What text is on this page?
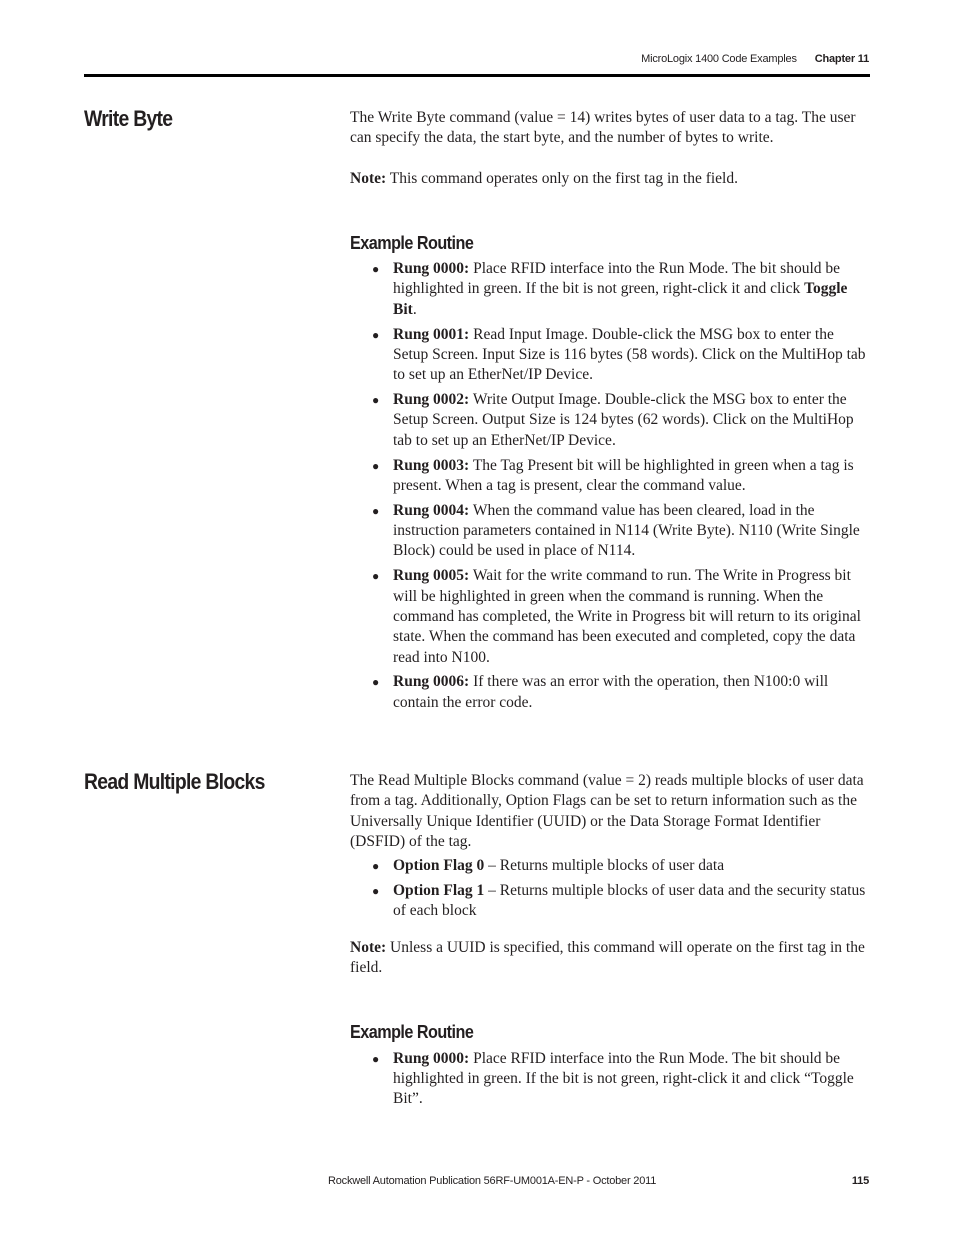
MicroLogix 1400 Code Examples Chapter 11
Write Byte	The Write Byte command (value = 14) writes bytes of user data to a tag. The user can specify the data, the start byte, and the number of bytes to write.

Note: This command operates only on the first tag in the field.

Example Routine
● Rung 0000: Place RFID interface into the Run Mode. The bit should be highlighted in green. If the bit is not green, right-click it and click Toggle Bit.
● Rung 0001: Read Input Image. Double-click the MSG box to enter the Setup Screen. Input Size is 116 bytes (58 words). Click on the MultiHop tab to set up an EtherNet/IP Device.
● Rung 0002: Write Output Image. Double-click the MSG box to enter the Setup Screen. Output Size is 124 bytes (62 words). Click on the MultiHop tab to set up an EtherNet/IP Device.
● Rung 0003: The Tag Present bit will be highlighted in green when a tag is present. When a tag is present, clear the command value.
● Rung 0004: When the command value has been cleared, load in the instruction parameters contained in N114 (Write Byte). N110 (Write Single Block) could be used in place of N114.
● Rung 0005: Wait for the write command to run. The Write in Progress bit will be highlighted in green when the command is running. When the command has completed, the Write in Progress bit will return to its original state. When the command has been executed and completed, copy the data read into N100.
● Rung 0006: If there was an error with the operation, then N100:0 will contain the error code.
Read Multiple Blocks	The Read Multiple Blocks command (value = 2) reads multiple blocks of user data from a tag. Additionally, Option Flags can be set to return information such as the Universally Unique Identifier (UUID) or the Data Storage Format Identifier (DSFID) of the tag.

● Option Flag 0 – Returns multiple blocks of user data
● Option Flag 1 – Returns multiple blocks of user data and the security status of each block

Note: Unless a UUID is specified, this command will operate on the first tag in the field.

Example Routine
● Rung 0000: Place RFID interface into the Run Mode. The bit should be highlighted in green. If the bit is not green, right-click it and click “Toggle Bit”.
Rockwell Automation Publication 56RF-UM001A-EN-P - October 2011	115
